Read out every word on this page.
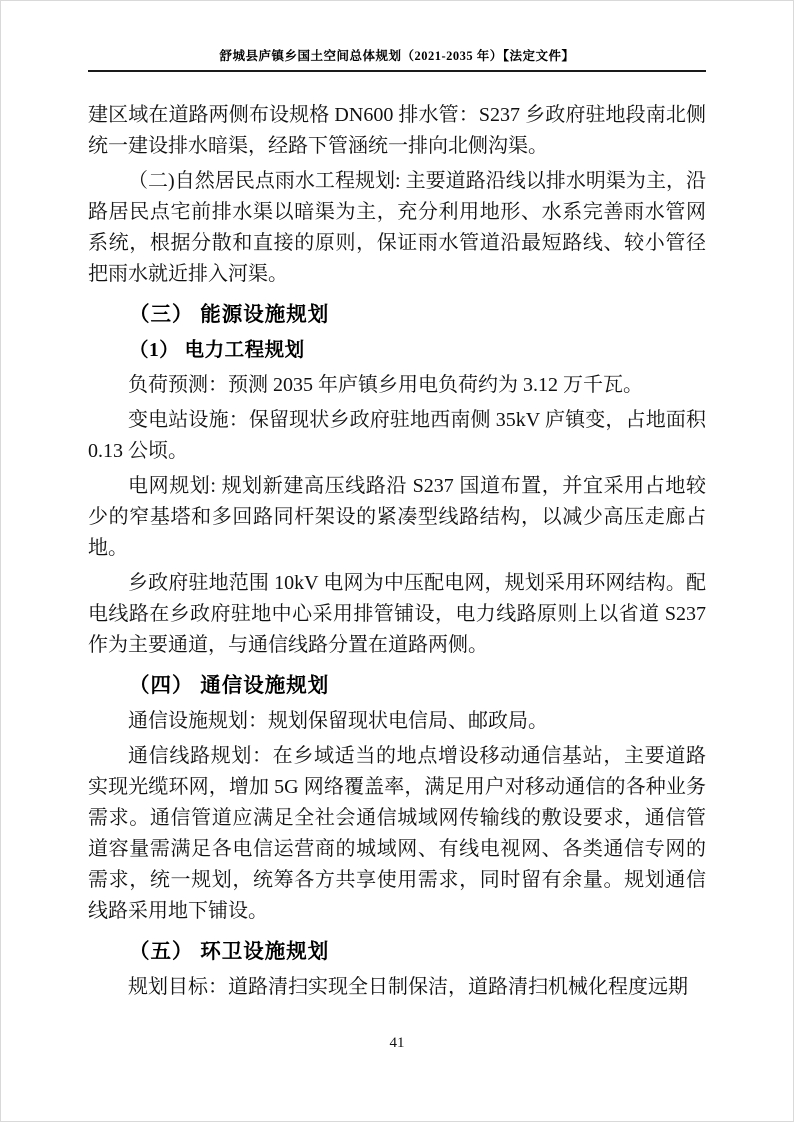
舒城县庐镇乡国土空间总体规划（2021-2035 年）【法定文件】
建区域在道路两侧布设规格 DN600 排水管：S237 乡政府驻地段南北侧统一建设排水暗渠，经路下管涵统一排向北侧沟渠。
（二)自然居民点雨水工程规划: 主要道路沿线以排水明渠为主，沿路居民点宅前排水渠以暗渠为主，充分利用地形、水系完善雨水管网系统，根据分散和直接的原则，保证雨水管道沿最短路线、较小管径把雨水就近排入河渠。
（三） 能源设施规划
（1） 电力工程规划
负荷预测：预测 2035 年庐镇乡用电负荷约为 3.12 万千瓦。
变电站设施：保留现状乡政府驻地西南侧 35kV 庐镇变，占地面积 0.13 公顷。
电网规划: 规划新建高压线路沿 S237 国道布置，并宜采用占地较少的窄基塔和多回路同杆架设的紧凑型线路结构，以减少高压走廊占地。
乡政府驻地范围 10kV 电网为中压配电网，规划采用环网结构。配电线路在乡政府驻地中心采用排管铺设，电力线路原则上以省道 S237 作为主要通道，与通信线路分置在道路两侧。
（四） 通信设施规划
通信设施规划：规划保留现状电信局、邮政局。
通信线路规划：在乡域适当的地点增设移动通信基站，主要道路实现光缆环网，增加 5G 网络覆盖率，满足用户对移动通信的各种业务需求。通信管道应满足全社会通信城域网传输线的敷设要求，通信管道容量需满足各电信运营商的城域网、有线电视网、各类通信专网的需求，统一规划，统筹各方共享使用需求，同时留有余量。规划通信线路采用地下铺设。
（五） 环卫设施规划
规划目标：道路清扫实现全日制保洁，道路清扫机械化程度远期
41
